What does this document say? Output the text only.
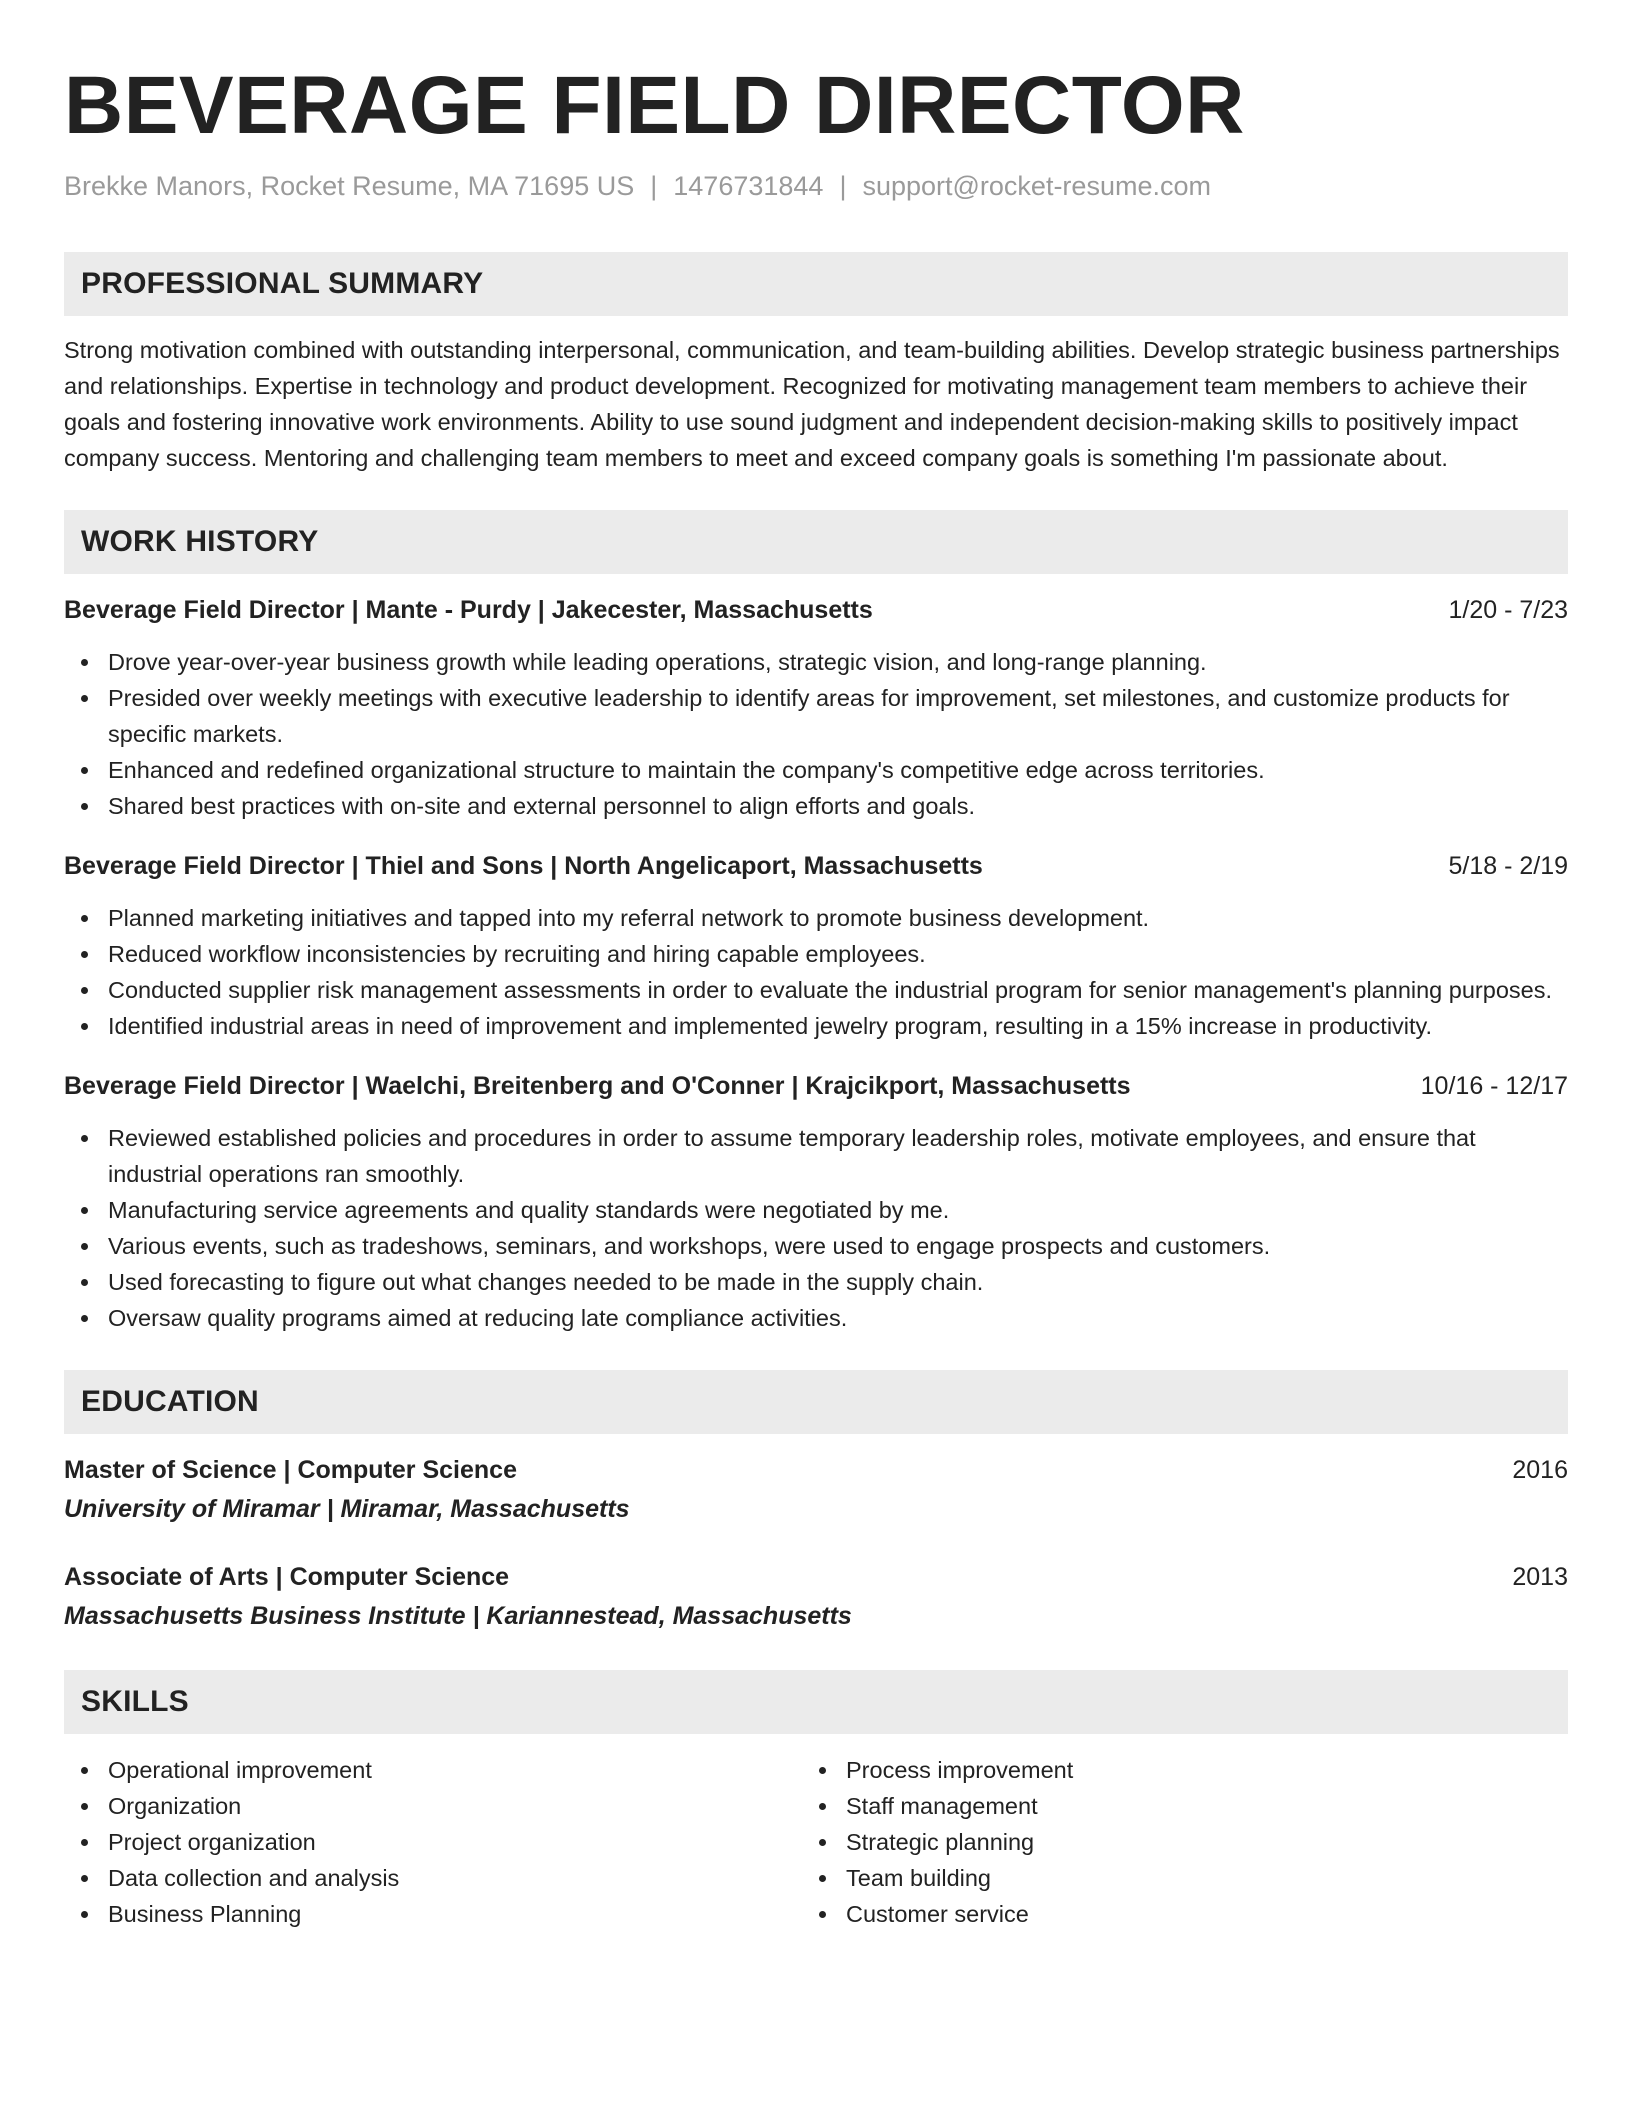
BEVERAGE FIELD DIRECTOR
Brekke Manors, Rocket Resume, MA 71695 US | 1476731844 | support@rocket-resume.com
PROFESSIONAL SUMMARY
Strong motivation combined with outstanding interpersonal, communication, and team-building abilities. Develop strategic business partnerships and relationships. Expertise in technology and product development. Recognized for motivating management team members to achieve their goals and fostering innovative work environments. Ability to use sound judgment and independent decision-making skills to positively impact company success. Mentoring and challenging team members to meet and exceed company goals is something I'm passionate about.
WORK HISTORY
Beverage Field Director | Mante - Purdy | Jakecester, Massachusetts	1/20 - 7/23
Drove year-over-year business growth while leading operations, strategic vision, and long-range planning.
Presided over weekly meetings with executive leadership to identify areas for improvement, set milestones, and customize products for specific markets.
Enhanced and redefined organizational structure to maintain the company's competitive edge across territories.
Shared best practices with on-site and external personnel to align efforts and goals.
Beverage Field Director | Thiel and Sons | North Angelicaport, Massachusetts	5/18 - 2/19
Planned marketing initiatives and tapped into my referral network to promote business development.
Reduced workflow inconsistencies by recruiting and hiring capable employees.
Conducted supplier risk management assessments in order to evaluate the industrial program for senior management's planning purposes.
Identified industrial areas in need of improvement and implemented jewelry program, resulting in a 15% increase in productivity.
Beverage Field Director | Waelchi, Breitenberg and O'Conner | Krajcikport, Massachusetts	10/16 - 12/17
Reviewed established policies and procedures in order to assume temporary leadership roles, motivate employees, and ensure that industrial operations ran smoothly.
Manufacturing service agreements and quality standards were negotiated by me.
Various events, such as tradeshows, seminars, and workshops, were used to engage prospects and customers.
Used forecasting to figure out what changes needed to be made in the supply chain.
Oversaw quality programs aimed at reducing late compliance activities.
EDUCATION
Master of Science | Computer Science	2016
University of Miramar | Miramar, Massachusetts
Associate of Arts | Computer Science	2013
Massachusetts Business Institute | Kariannestead, Massachusetts
SKILLS
Operational improvement
Organization
Project organization
Data collection and analysis
Business Planning
Process improvement
Staff management
Strategic planning
Team building
Customer service
